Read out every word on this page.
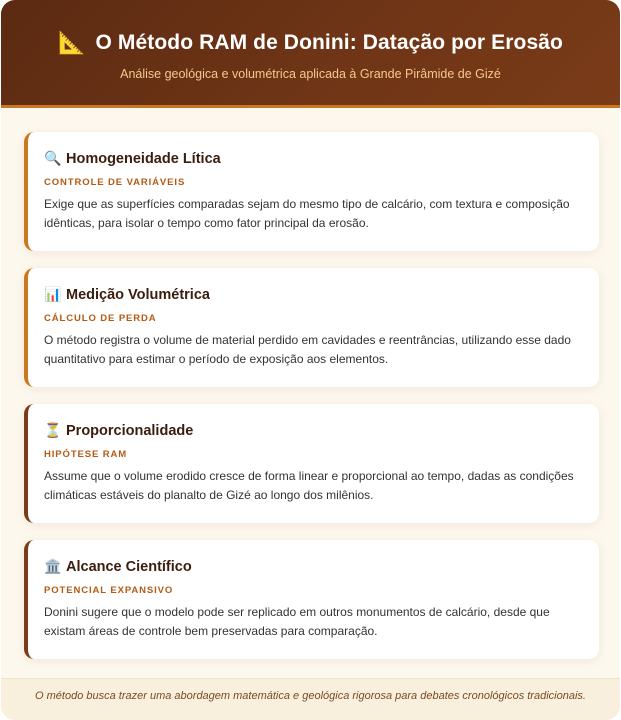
📐 O Método RAM de Donini: Datação por Erosão
Análise geológica e volumétrica aplicada à Grande Pirâmide de Gizé
🔍 Homogeneidade Lítica
CONTROLE DE VARIÁVEIS
Exige que as superfícies comparadas sejam do mesmo tipo de calcário, com textura e composição idênticas, para isolar o tempo como fator principal da erosão.
📊 Medição Volumétrica
CÁLCULO DE PERDA
O método registra o volume de material perdido em cavidades e reentrâncias, utilizando esse dado quantitativo para estimar o período de exposição aos elementos.
⏳ Proporcionalidade
HIPÓTESE RAM
Assume que o volume erodido cresce de forma linear e proporcional ao tempo, dadas as condições climáticas estáveis do planalto de Gizé ao longo dos milênios.
🏛️ Alcance Científico
POTENCIAL EXPANSIVO
Donini sugere que o modelo pode ser replicado em outros monumentos de calcário, desde que existam áreas de controle bem preservadas para comparação.
O método busca trazer uma abordagem matemática e geológica rigorosa para debates cronológicos tradicionais.
